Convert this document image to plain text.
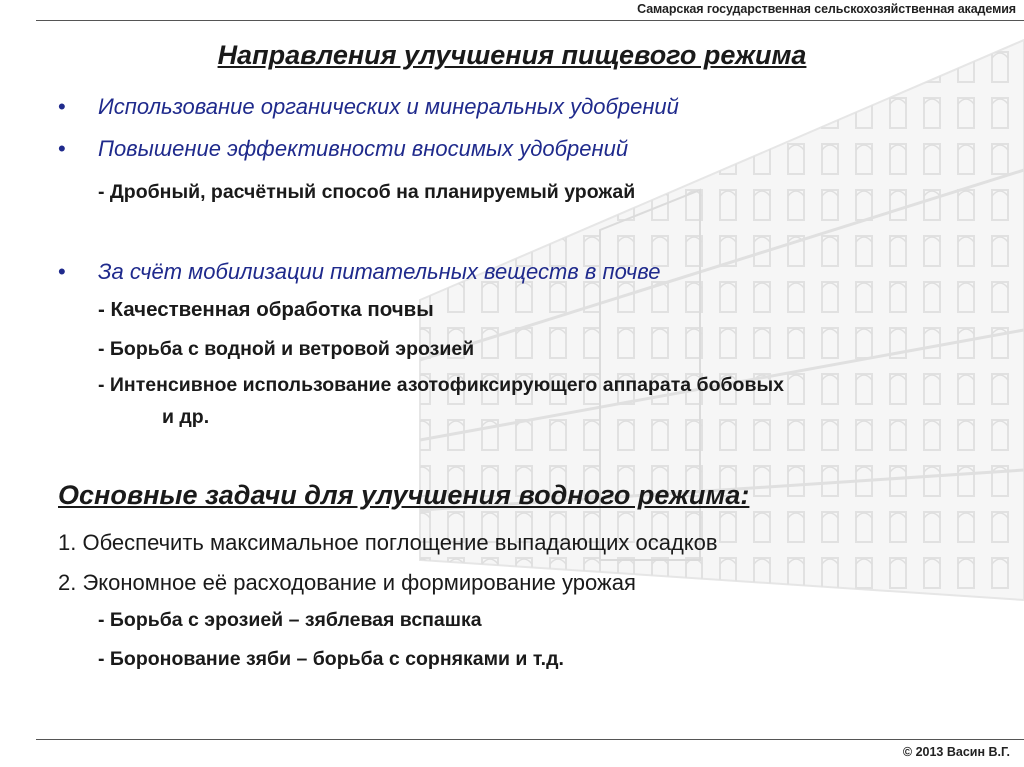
Самарская государственная сельскохозяйственная академия
Направления улучшения пищевого режима
• Использование органических и минеральных удобрений
• Повышение эффективности вносимых удобрений
- Дробный, расчётный способ на планируемый урожай
• За счёт мобилизации питательных веществ в почве
- Качественная обработка почвы
- Борьба с водной и ветровой эрозией
- Интенсивное использование азотофиксирующего аппарата бобовых
и др.
Основные задачи для улучшения водного режима:
1. Обеспечить максимальное поглощение выпадающих осадков
2. Экономное её расходование и формирование урожая
- Борьба с эрозией – зяблевая вспашка
- Боронование зяби – борьба с сорняками и т.д.
© 2013 Васин В.Г.
